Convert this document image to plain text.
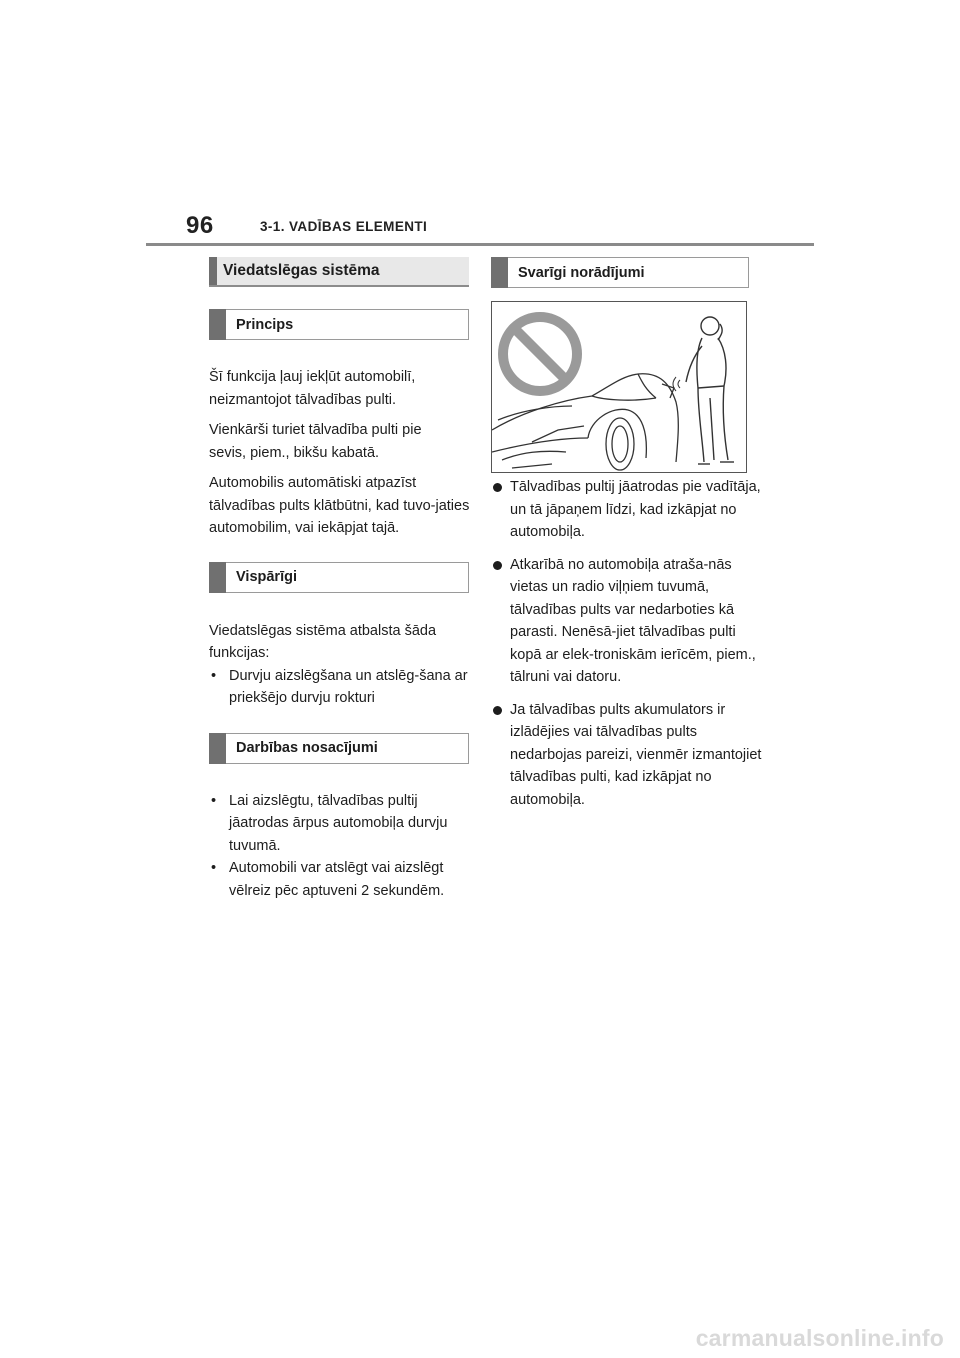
96	3-1. VADĪBAS ELEMENTI
Viedatslēgas sistēma
Princips

Šī funkcija ļauj iekļūt automobilī, neizmantojot tālvadības pulti.

Vienkārši turiet tālvadība pulti pie sevis, piem., bikšu kabatā.

Automobilis automātiski atpazīst tālvadības pults klātbūtni, kad tuvo-jaties automobilim, vai iekāpjat tajā.

Vispārīgi

Viedatslēgas sistēma atbalsta šāda funkcijas:

• Durvju aizslēgšana un atslēg-šana ar priekšējo durvju rokturi
Darbības nosacījumi
• Lai aizslēgtu, tālvadības pultij jāatrodas ārpus automobiļa durvju tuvumā.
• Automobili var atslēgt vai aizslēgt vēlreiz pēc aptuveni 2 sekundēm.
Svarīgi norādījumi
Tālvadības pultij jāatrodas pie vadītāja, un tā jāpaņem līdzi, kad izkāpjat no automobiļa.
Atkarībā no automobiļa atraša-nās vietas un radio viļņiem tuvumā, tālvadības pults var nedarboties kā parasti. Nenēsā-jiet tālvadības pulti kopā ar elek-troniskām ierīcēm, piem., tālruni vai datoru.
Ja tālvadības pults akumulators ir izlādējies vai tālvadības pults nedarbojas pareizi, vienmēr izmantojiet tālvadības pulti, kad izkāpjat no automobiļa.
carmanualsonline.info
